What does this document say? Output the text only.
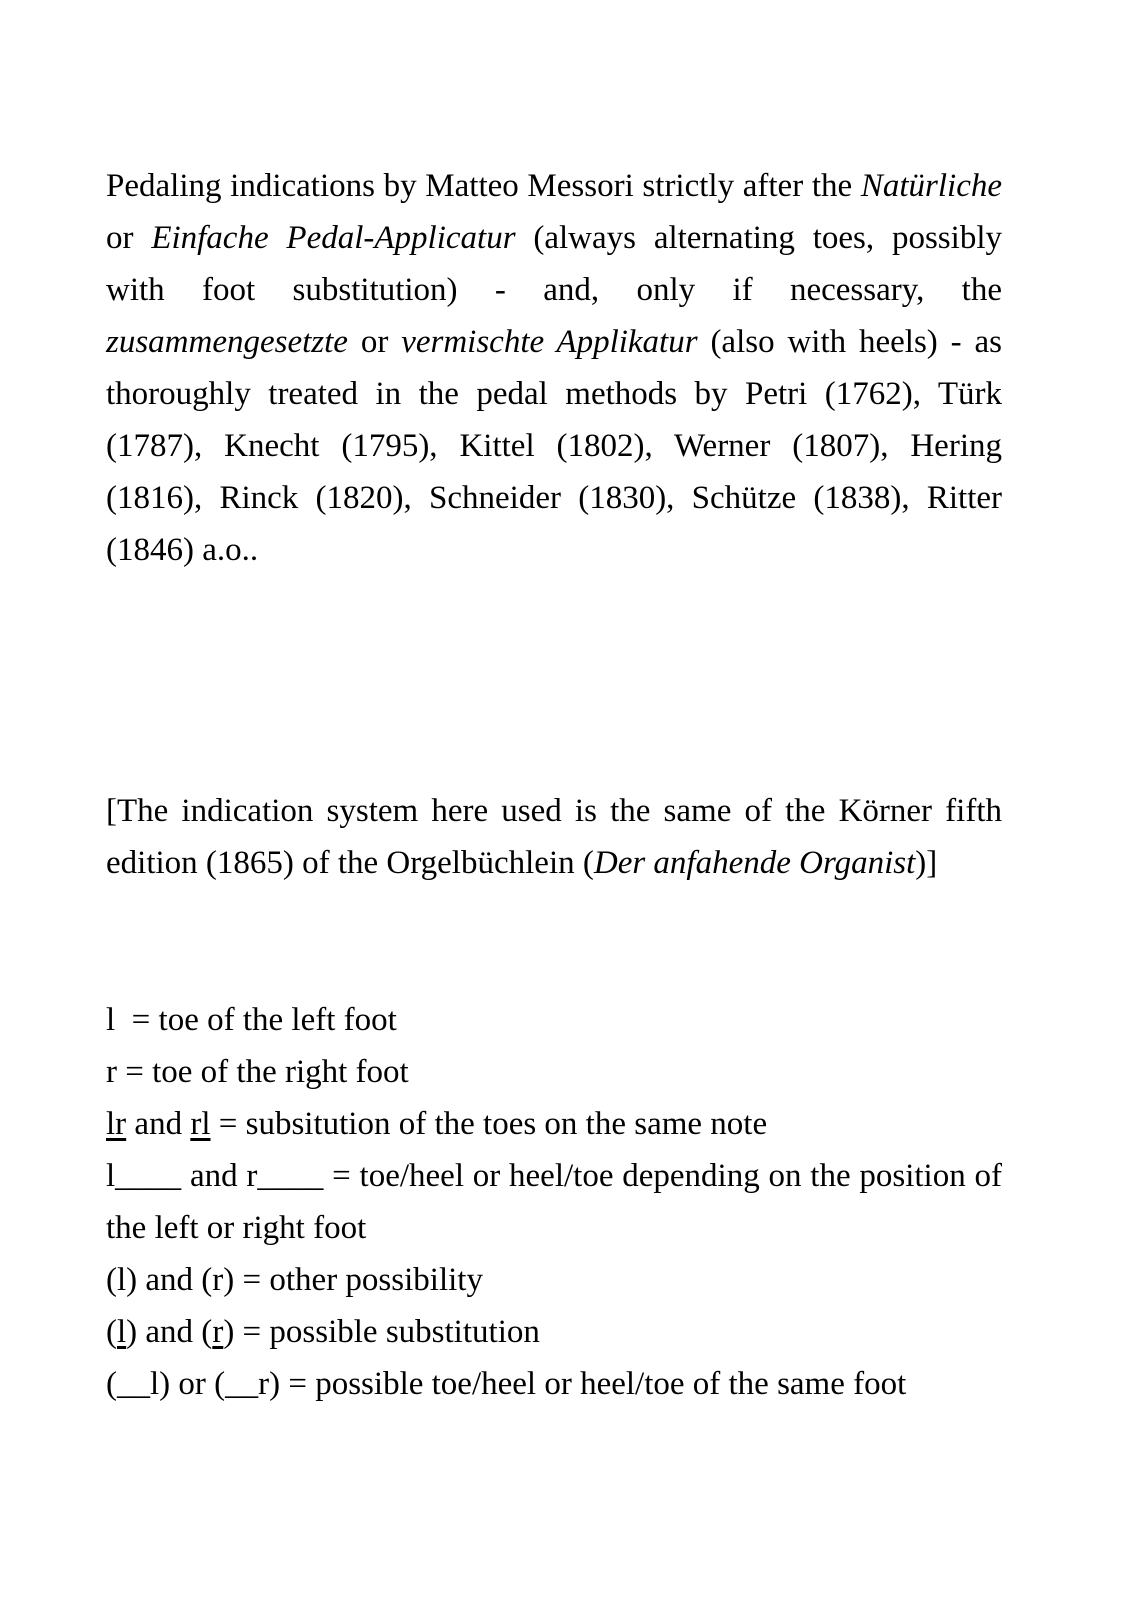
Pedaling indications by Matteo Messori strictly after the Natürliche or Einfache Pedal-Applicatur (always alternating toes, possibly with foot substitution) - and, only if necessary, the zusammengesetzte or vermischte Applikatur (also with heels) - as thoroughly treated in the pedal methods by Petri (1762), Türk (1787), Knecht (1795), Kittel (1802), Werner (1807), Hering (1816), Rinck (1820), Schneider (1830), Schütze (1838), Ritter (1846) a.o..
[The indication system here used is the same of the Körner fifth edition (1865) of the Orgelbüchlein (Der anfahende Organist)]
l  = toe of the left foot
r = toe of the right foot
lr and rl = subsitution of the toes on the same note
l____ and r____ = toe/heel or heel/toe depending on the position of the left or right foot
(l) and (r) = other possibility
(l) and (r) = possible substitution
(__l) or (__r) = possible toe/heel or heel/toe of the same foot
